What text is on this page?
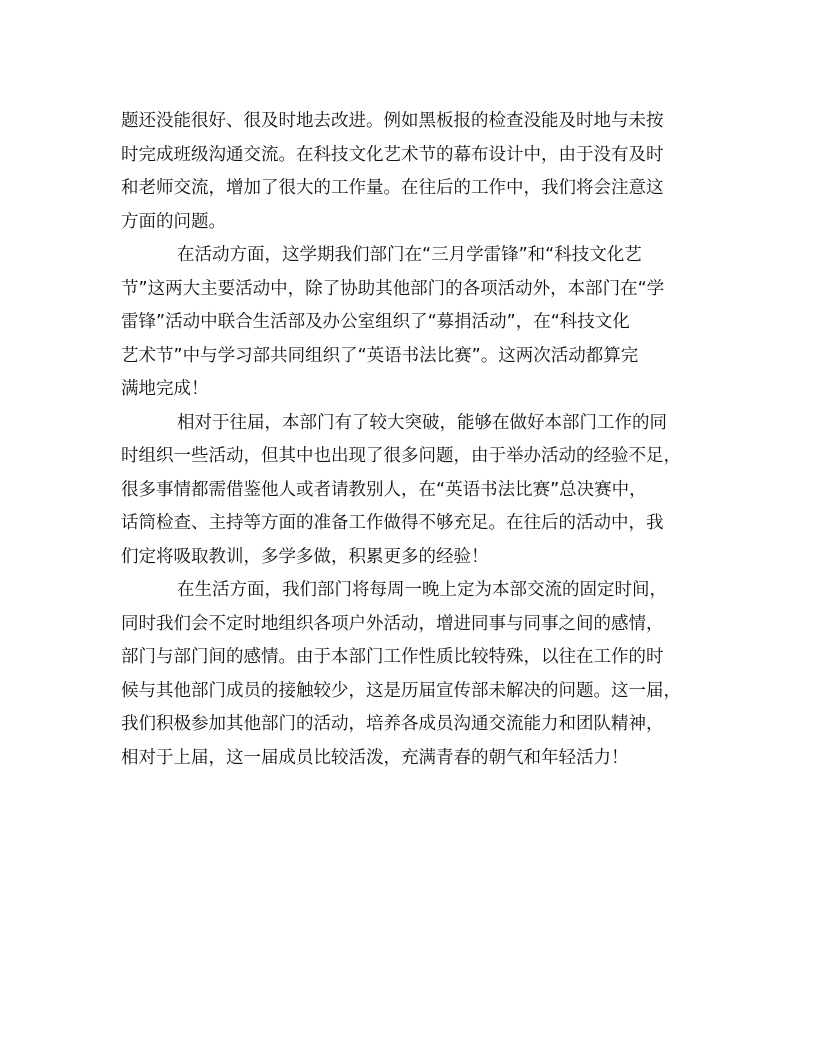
题还没能很好、很及时地去改进。例如黑板报的检查没能及时地与未按
时完成班级沟通交流。在科技文化艺术节的幕布设计中，由于没有及时
和老师交流，增加了很大的工作量。在往后的工作中，我们将会注意这
方面的问题。
在活动方面，这学期我们部门在“三月学雷锋”和“科技文化艺
节”这两大主要活动中，除了协助其他部门的各项活动外，本部门在“学
雷锋”活动中联合生活部及办公室组织了“募捐活动”，在“科技文化
艺术节”中与学习部共同组织了“英语书法比赛”。这两次活动都算完
满地完成！
相对于往届，本部门有了较大突破，能够在做好本部门工作的同
时组织一些活动，但其中也出现了很多问题，由于举办活动的经验不足，
很多事情都需借鉴他人或者请教别人，在“英语书法比赛”总决赛中，
话筒检查、主持等方面的准备工作做得不够充足。在往后的活动中，我
们定将吸取教训，多学多做，积累更多的经验！
在生活方面，我们部门将每周一晚上定为本部交流的固定时间，
同时我们会不定时地组织各项户外活动，增进同事与同事之间的感情，
部门与部门间的感情。由于本部门工作性质比较特殊，以往在工作的时
候与其他部门成员的接触较少，这是历届宣传部未解决的问题。这一届，
我们积极参加其他部门的活动，培养各成员沟通交流能力和团队精神，
相对于上届，这一届成员比较活泼，充满青春的朝气和年轻活力！
